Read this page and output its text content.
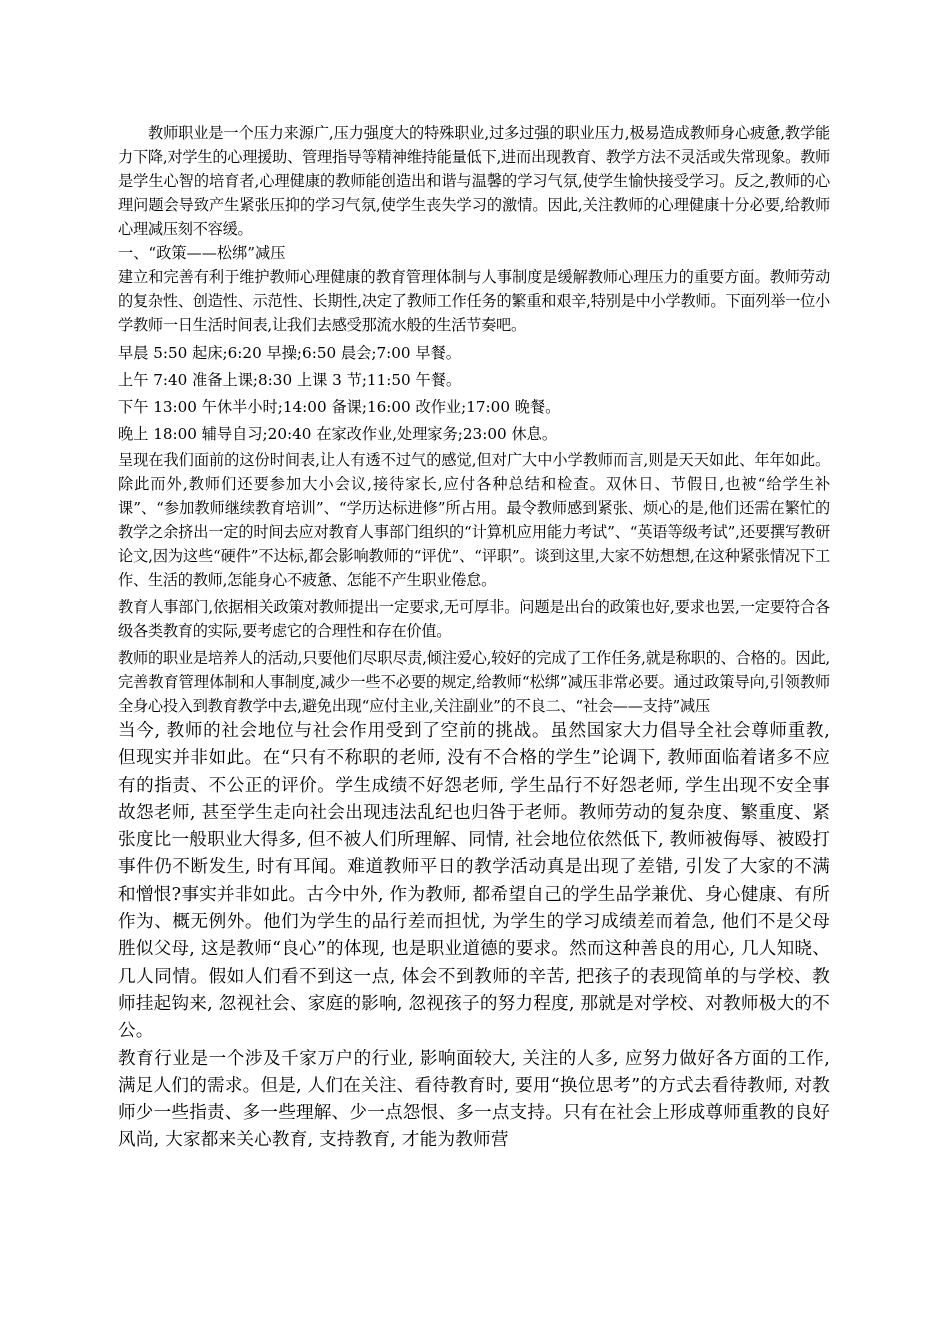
教师职业是一个压力来源广,压力强度大的特殊职业,过多过强的职业压力,极易造成教师身心疲惫,教学能力下降,对学生的心理援助、管理指导等精神维持能量低下,进而出现教育、教学方法不灵活或失常现象。教师是学生心智的培育者,心理健康的教师能创造出和谐与温馨的学习气氛,使学生愉快接受学习。反之,教师的心理问题会导致产生紧张压抑的学习气氛,使学生丧失学习的激情。因此,关注教师的心理健康十分必要,给教师心理减压刻不容缓。

一、“政策——松绑”减压

建立和完善有利于维护教师心理健康的教育管理体制与人事制度是缓解教师心理压力的重要方面。教师劳动的复杂性、创造性、示范性、长期性,决定了教师工作任务的繁重和艰辛,特别是中小学教师。下面列举一位小学教师一日生活时间表,让我们去感受那流水般的生活节奏吧。

早晨 5:50 起床;6:20 早操;6:50 晨会;7:00 早餐。

上午 7:40 准备上课;8:30 上课 3 节;11:50 午餐。

下午 13:00 午休半小时;14:00 备课;16:00 改作业;17:00 晚餐。

晚上 18:00 辅导自习;20:40 在家改作业,处理家务;23:00 休息。

呈现在我们面前的这份时间表,让人有透不过气的感觉,但对广大中小学教师而言,则是天天如此、年年如此。除此而外,教师们还要参加大小会议,接待家长,应付各种总结和检查。双休日、节假日,也被“给学生补课”、“参加教师继续教育培训”、“学历达标进修”所占用。最令教师感到紧张、烦心的是,他们还需在繁忙的教学之余挤出一定的时间去应对教育人事部门组织的“计算机应用能力考试”、“英语等级考试”,还要撰写教研论文,因为这些“硬件”不达标,都会影响教师的“评优”、“评职”。谈到这里,大家不妨想想,在这种紧张情况下工作、生活的教师,怎能身心不疲惫、怎能不产生职业倦怠。

教育人事部门,依据相关政策对教师提出一定要求,无可厚非。问题是出台的政策也好,要求也罢,一定要符合各级各类教育的实际,要考虑它的合理性和存在价值。

教师的职业是培养人的活动,只要他们尽职尽责,倾注爱心,较好的完成了工作任务,就是称职的、合格的。因此,完善教育管理体制和人事制度,减少一些不必要的规定,给教师“松绑”减压非常必要。通过政策导向,引领教师全身心投入到教育教学中去,避免出现“应付主业,关注副业”的不良二、“社会——支持”减压

当今, 教师的社会地位与社会作用受到了空前的挑战。虽然国家大力倡导全社会尊师重教, 但现实并非如此。在“只有不称职的老师, 没有不合格的学生”论调下, 教师面临着诸多不应有的指责、不公正的评价。学生成绩不好怨老师, 学生品行不好怨老师, 学生出现不安全事故怨老师, 甚至学生走向社会出现违法乱纪也归咎于老师。教师劳动的复杂度、繁重度、紧张度比一般职业大得多, 但不被人们所理解、同情, 社会地位依然低下, 教师被侮辱、被殴打事件仍不断发生, 时有耳闻。难道教师平日的教学活动真是出现了差错, 引发了大家的不满和憎恨?事实并非如此。古今中外, 作为教师, 都希望自己的学生品学兼优、身心健康、有所作为、概无例外。他们为学生的品行差而担忧, 为学生的学习成绩差而着急, 他们不是父母胜似父母, 这是教师“良心”的体现, 也是职业道德的要求。然而这种善良的用心, 几人知晓、几人同情。假如人们看不到这一点, 体会不到教师的辛苦, 把孩子的表现简单的与学校、教师挂起钩来, 忽视社会、家庭的影响, 忽视孩子的努力程度, 那就是对学校、对教师极大的不公。

教育行业是一个涉及千家万户的行业, 影响面较大, 关注的人多, 应努力做好各方面的工作, 满足人们的需求。但是, 人们在关注、看待教育时, 要用“换位思考”的方式去看待教师, 对教师少一些指责、多一些理解、少一点怨恨、多一点支持。只有在社会上形成尊师重教的良好风尚, 大家都来关心教育, 支持教育, 才能为教师营
